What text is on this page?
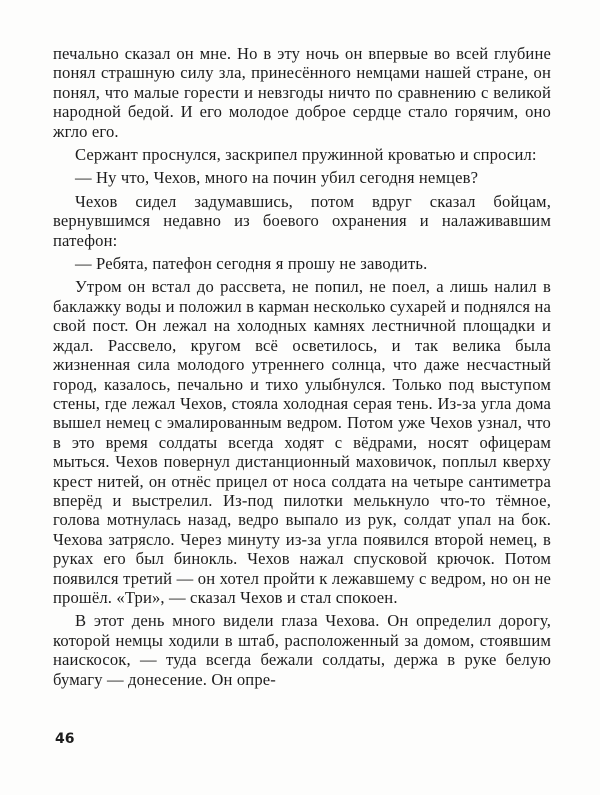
печально сказал он мне. Но в эту ночь он впервые во всей глубине понял страшную силу зла, принесённого немцами нашей стране, он понял, что малые горести и невзгоды ничто по сравнению с великой народной бедой. И его молодое доброе сердце стало горячим, оно жгло его.

Сержант проснулся, заскрипел пружинной кроватью и спросил:

— Ну что, Чехов, много на почин убил сегодня немцев?

Чехов сидел задумавшись, потом вдруг сказал бойцам, вернувшимся недавно из боевого охранения и налаживавшим патефон:

— Ребята, патефон сегодня я прошу не заводить.

Утром он встал до рассвета, не попил, не поел, а лишь налил в баклажку воды и положил в карман несколько сухарей и поднялся на свой пост. Он лежал на холодных камнях лестничной площадки и ждал. Рассвело, кругом всё осветилось, и так велика была жизненная сила молодого утреннего солнца, что даже несчастный город, казалось, печально и тихо улыбнулся. Только под выступом стены, где лежал Чехов, стояла холодная серая тень. Из-за угла дома вышел немец с эмалированным ведром. Потом уже Чехов узнал, что в это время солдаты всегда ходят с вёдрами, носят офицерам мыться. Чехов повернул дистанционный маховичок, поплыл кверху крест нитей, он отнёс прицел от носа солдата на четыре сантиметра вперёд и выстрелил. Из-под пилотки мелькнуло что-то тёмное, голова мотнулась назад, ведро выпало из рук, солдат упал на бок. Чехова затрясло. Через минуту из-за угла появился второй немец, в руках его был бинокль. Чехов нажал спусковой крючок. Потом появился третий — он хотел пройти к лежавшему с ведром, но он не прошёл. «Три», — сказал Чехов и стал спокоен.

В этот день много видели глаза Чехова. Он определил дорогу, которой немцы ходили в штаб, расположенный за домом, стоявшим наискосок, — туда всегда бежали солдаты, держа в руке белую бумагу — донесение. Он опре-

46
